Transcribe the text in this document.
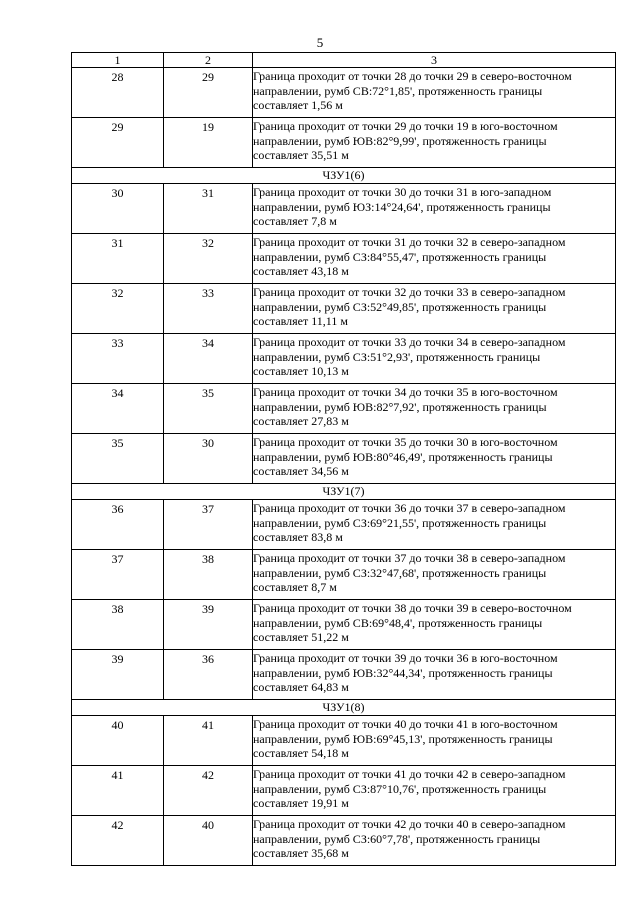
5
1	2	3
28	29	Граница проходит от точки 28 до точки 29 в северо-восточном
направлении, румб СВ:72°1,85', протяженность границы
составляет 1,56 м

29	19	Граница проходит от точки 29 до точки 19 в юго-восточном
направлении, румб ЮВ:82°9,99', протяженность границы
составляет 35,51 м

ЧЗУ1(6)		
30	31	Граница проходит от точки 30 до точки 31 в юго-западном
направлении, румб ЮЗ:14°24,64', протяженность границы
составляет 7,8 м

31	32	Граница проходит от точки 31 до точки 32 в северо-западном
направлении, румб СЗ:84°55,47', протяженность границы
составляет 43,18 м

32	33	Граница проходит от точки 32 до точки 33 в северо-западном
направлении, румб СЗ:52°49,85', протяженность границы
составляет 11,11 м

33	34	Граница проходит от точки 33 до точки 34 в северо-западном
направлении, румб СЗ:51°2,93', протяженность границы
составляет 10,13 м

34	35	Граница проходит от точки 34 до точки 35 в юго-восточном
направлении, румб ЮВ:82°7,92', протяженность границы
составляет 27,83 м

35	30	Граница проходит от точки 35 до точки 30 в юго-восточном
направлении, румб ЮВ:80°46,49', протяженность границы
составляет 34,56 м

ЧЗУ1(7)		
36	37	Граница проходит от точки 36 до точки 37 в северо-западном
направлении, румб СЗ:69°21,55', протяженность границы
составляет 83,8 м

37	38	Граница проходит от точки 37 до точки 38 в северо-западном
направлении, румб СЗ:32°47,68', протяженность границы
составляет 8,7 м

38	39	Граница проходит от точки 38 до точки 39 в северо-восточном
направлении, румб СВ:69°48,4', протяженность границы
составляет 51,22 м

39	36	Граница проходит от точки 39 до точки 36 в юго-восточном
направлении, румб ЮВ:32°44,34', протяженность границы
составляет 64,83 м

ЧЗУ1(8)		
40	41	Граница проходит от точки 40 до точки 41 в юго-восточном
направлении, румб ЮВ:69°45,13', протяженность границы
составляет 54,18 м

41	42	Граница проходит от точки 41 до точки 42 в северо-западном
направлении, румб СЗ:87°10,76', протяженность границы
составляет 19,91 м

42	40	Граница проходит от точки 42 до точки 40 в северо-западном
направлении, румб СЗ:60°7,78', протяженность границы
составляет 35,68 м
